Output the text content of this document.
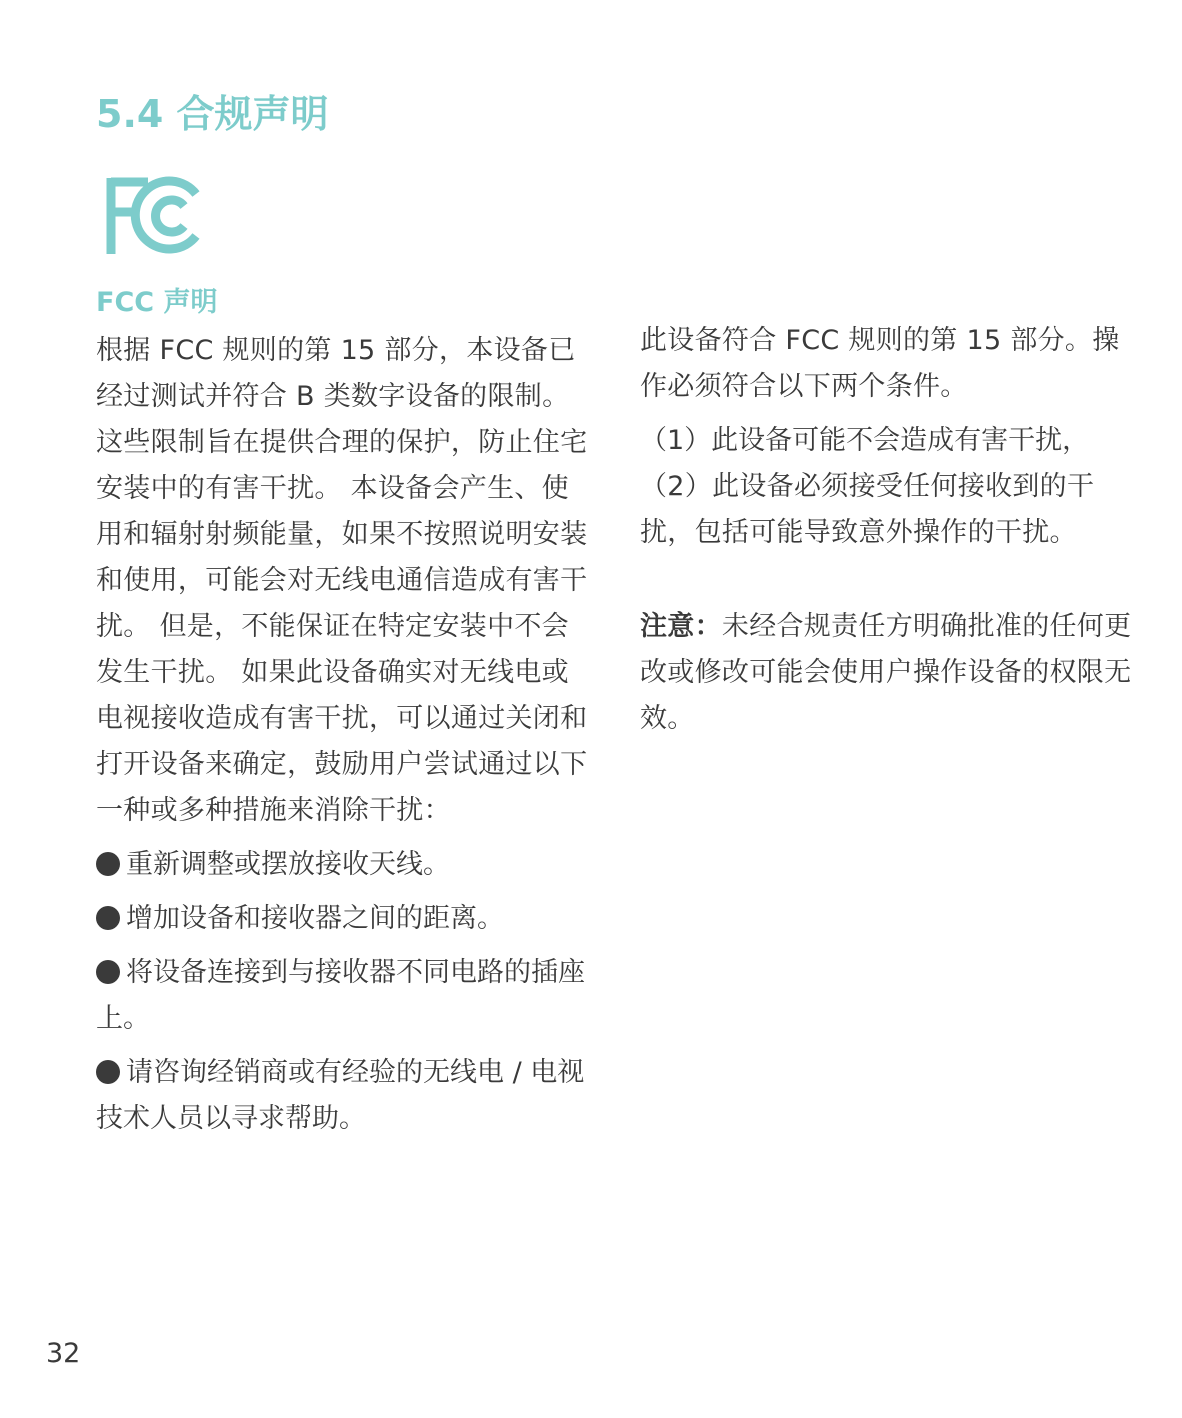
5.4 合规声明
FCC 声明

根据 FCC 规则的第 15 部分，本设备已经过测试并符合 B 类数字设备的限制。这些限制旨在提供合理的保护，防止住宅安装中的有害干扰。 本设备会产生、使用和辐射射频能量，如果不按照说明安装和使用，可能会对无线电通信造成有害干扰。 但是，不能保证在特定安装中不会发生干扰。 如果此设备确实对无线电或电视接收造成有害干扰，可以通过关闭和打开设备来确定，鼓励用户尝试通过以下一种或多种措施来消除干扰：

重新调整或摆放接收天线。
增加设备和接收器之间的距离。
将设备连接到与接收器不同电路的插座上。
请咨询经销商或有经验的无线电 / 电视技术人员以寻求帮助。

此设备符合 FCC 规则的第 15 部分。操作必须符合以下两个条件。

（1）此设备可能不会造成有害干扰，

（2）此设备必须接受任何接收到的干扰，包括可能导致意外操作的干扰。

注意：未经合规责任方明确批准的任何更改或修改可能会使用户操作设备的权限无效。

32
